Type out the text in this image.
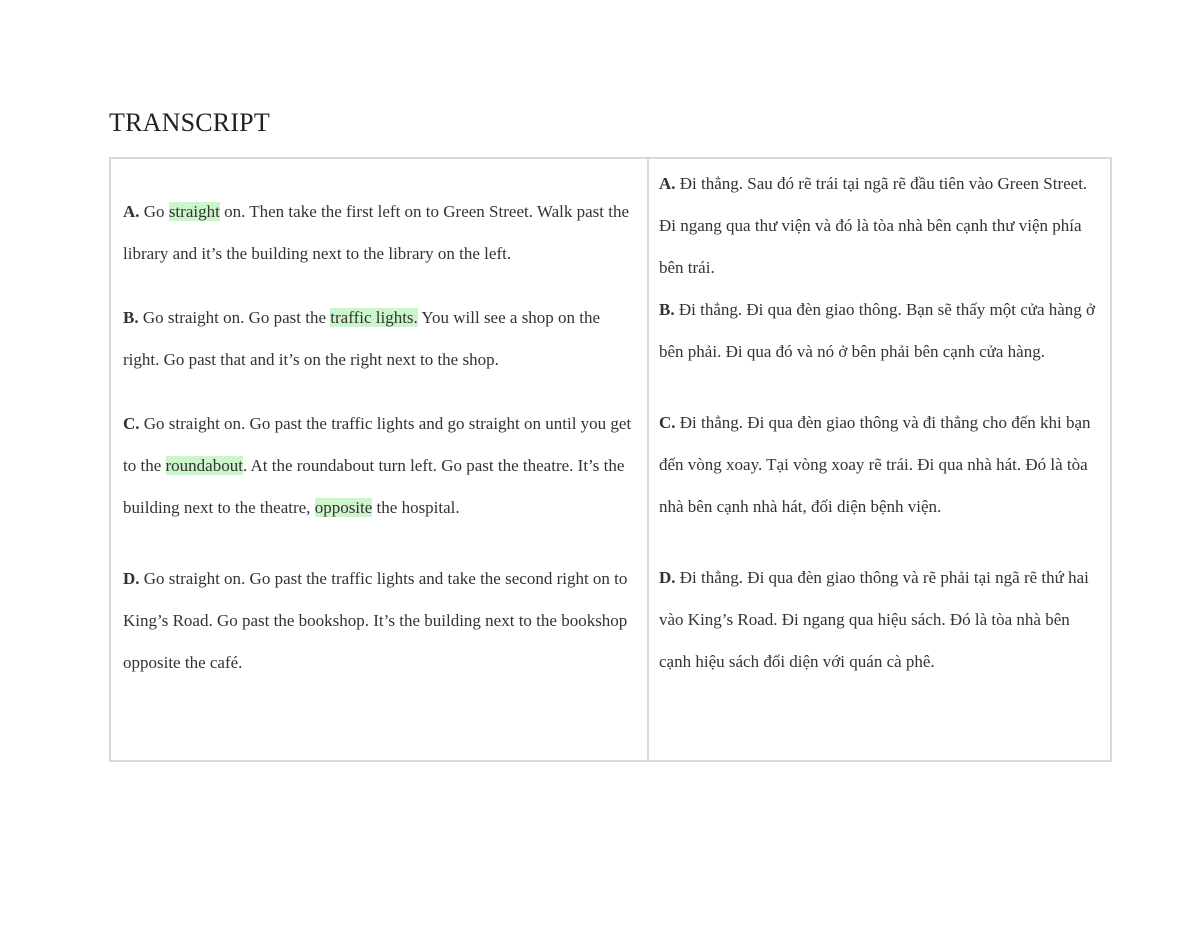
TRANSCRIPT

A. Go straight on. Then take the first left on to Green Street. Walk past the library and it’s the building next to the library on the left.

B. Go straight on. Go past the traffic lights. You will see a shop on the right. Go past that and it’s on the right next to the shop.

C. Go straight on. Go past the traffic lights and go straight on until you get to the roundabout. At the roundabout turn left. Go past the theatre. It’s the building next to the theatre, opposite the hospital.

D. Go straight on. Go past the traffic lights and take the second right on to King’s Road. Go past the bookshop. It’s the building next to the bookshop opposite the café.

A. Đi thẳng. Sau đó rẽ trái tại ngã rẽ đầu tiên vào Green Street. Đi ngang qua thư viện và đó là tòa nhà bên cạnh thư viện phía bên trái.

B. Đi thẳng. Đi qua đèn giao thông. Bạn sẽ thấy một cửa hàng ở bên phải. Đi qua đó và nó ở bên phải bên cạnh cửa hàng.

C. Đi thẳng. Đi qua đèn giao thông và đi thẳng cho đến khi bạn đến vòng xoay. Tại vòng xoay rẽ trái. Đi qua nhà hát. Đó là tòa nhà bên cạnh nhà hát, đối diện bệnh viện.

D. Đi thẳng. Đi qua đèn giao thông và rẽ phải tại ngã rẽ thứ hai vào King’s Road. Đi ngang qua hiệu sách. Đó là tòa nhà bên cạnh hiệu sách đối diện với quán cà phê.
